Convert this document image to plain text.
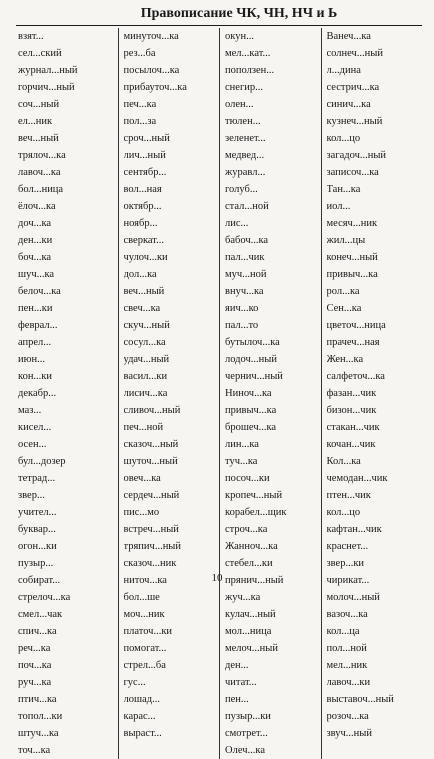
Правописание ЧК, ЧН, НЧ и Ь
взят...
сел...ский
журнал...ный
горчич...ный
соч...ный
ел...ник
веч...ный
трялоч...ка
лавоч...ка
бол...ница
ёлоч...ка
доч...ка
ден...ки
боч...ка
шуч...ка
белоч...ка
пен...ки
феврал...
апрел...
июн...
кон...ки
декабр...
маз...
кисел...
осен...
бул...дозер
тетрад...
звер...
учител...
буквар...
огон...ки
пузыр...
собират...
стрелоч...ка
смел...чак
спич...ка
реч...ка
поч...ка
руч...ка
птич...ка
топол...ки
штуч...ка
точ...ка
минуточ...ка
рез...ба
посылоч...ка
прибауточ...ка
печ...ка
пол...за
сроч...ный
лич...ный
сентябр...
вол...ная
октябр...
ноябр...
сверкат...
чулоч...ки
дол...ка
веч...ный
свеч...ка
скуч...ный
сосул...ка
удач...ный
васил...ки
лисич...ка
сливоч...ный
печ...ной
сказоч...ный
шуточ...ный
овеч...ка
сердеч...ный
пис...мо
встреч...ный
тряпич...ный
сказоч...ник
ниточ...ка
бол...ше
моч...ник
платоч...ки
помогат...
стрел...ба
гус...
лошад...
карас...
выраст...
окун...
мел...кат...
поползен...
снегир...
олен...
тюлен...
зеленет...
медвед...
журавл...
голуб...
стал...ной
лис...
бабоч...ка
пал...чик
муч...ной
внуч...ка
яич...ко
пал...то
бутылоч...ка
лодоч...ный
чернич...ный
Ниноч...ка
привыч...ка
брошеч...ка
лин...ка
туч...ка
посоч...ки
кропеч...ный
корабел...щик
строч...ка
Жанноч...ка
стебел...ки
прянич...ный
жуч...ка
кулач...ный
мол...ница
мелоч...ный
ден...
читат...
пен...
пузыр...ки
смотрет...
Олеч...ка
Ванеч...ка
солнеч...ный
л...дина
сестрич...ка
синич...ка
кузнеч...ный
кол...цо
загадоч...ный
записоч...ка
Тан...ка
иол...
месяч...ник
жил...цы
конеч...ный
привыч...ка
рол...ка
Сен...ка
цветоч...ница
прачеч...ная
Жен...ка
салфеточ...ка
фазан...чик
бизон...чик
стакан...чик
кочан...чик
Кол...ка
чемодан...чик
птен...чик
кол...цо
кафтан...чик
краснет...
звер...ки
чирикат...
молоч...ный
вазоч...ка
кол...ца
пол...ной
мел...ник
лавоч...ки
выставоч...ный
розоч...ка
звуч...ный
10
